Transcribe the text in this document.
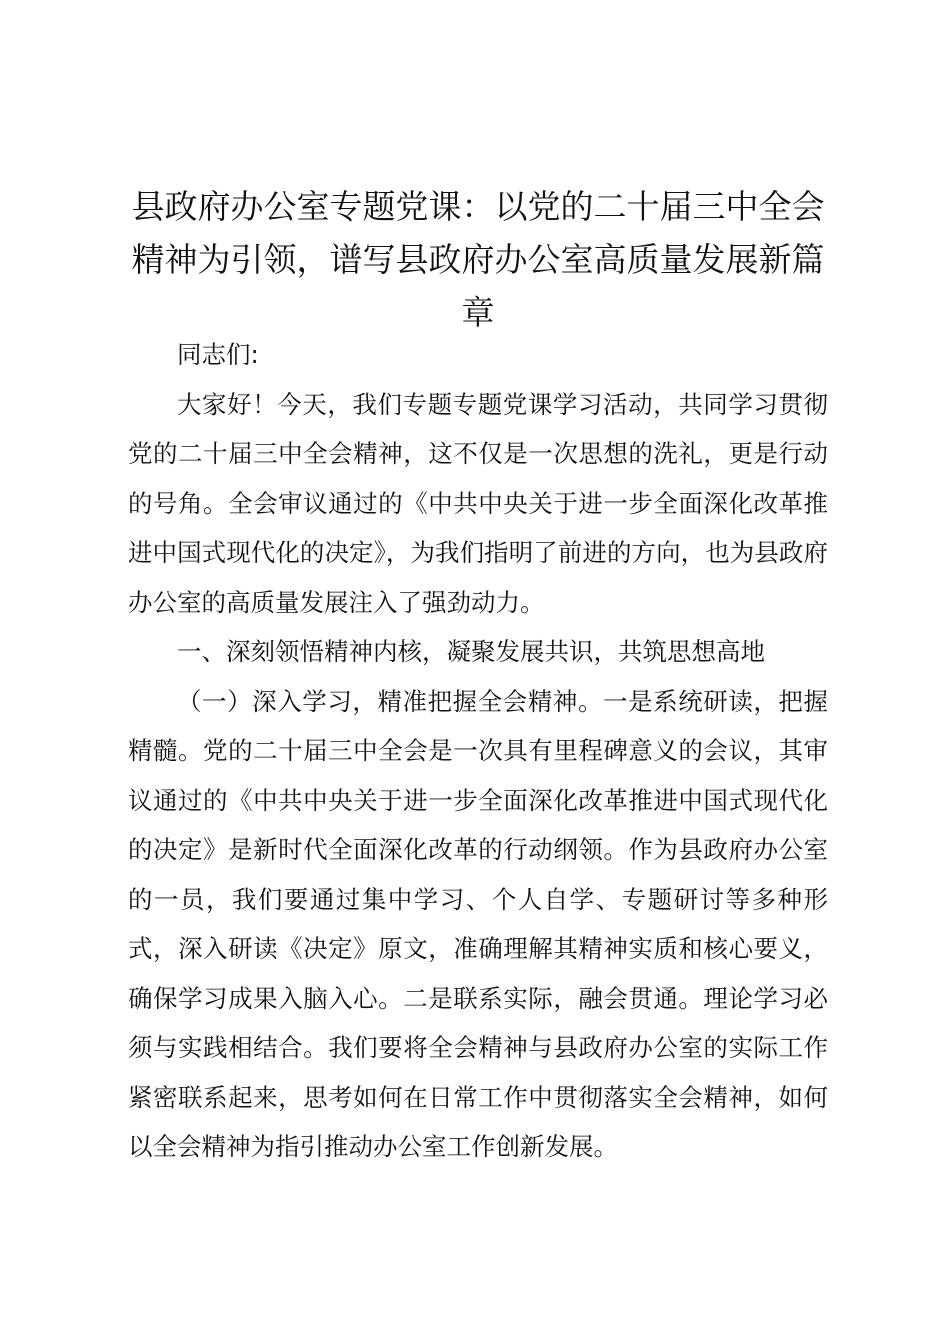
县政府办公室专题党课：以党的二十届三中全会精神为引领，谱写县政府办公室高质量发展新篇章

同志们:

大家好！今天，我们专题专题党课学习活动，共同学习贯彻党的二十届三中全会精神，这不仅是一次思想的洗礼，更是行动的号角。全会审议通过的《中共中央关于进一步全面深化改革推进中国式现代化的决定》，为我们指明了前进的方向，也为县政府办公室的高质量发展注入了强劲动力。

一、深刻领悟精神内核，凝聚发展共识，共筑思想高地

（一）深入学习，精准把握全会精神。一是系统研读，把握精髓。党的二十届三中全会是一次具有里程碑意义的会议，其审议通过的《中共中央关于进一步全面深化改革推进中国式现代化的决定》是新时代全面深化改革的行动纲领。作为县政府办公室的一员，我们要通过集中学习、个人自学、专题研讨等多种形式，深入研读《决定》原文，准确理解其精神实质和核心要义，确保学习成果入脑入心。二是联系实际，融会贯通。理论学习必须与实践相结合。我们要将全会精神与县政府办公室的实际工作紧密联系起来，思考如何在日常工作中贯彻落实全会精神，如何以全会精神为指引推动办公室工作创新发展。
